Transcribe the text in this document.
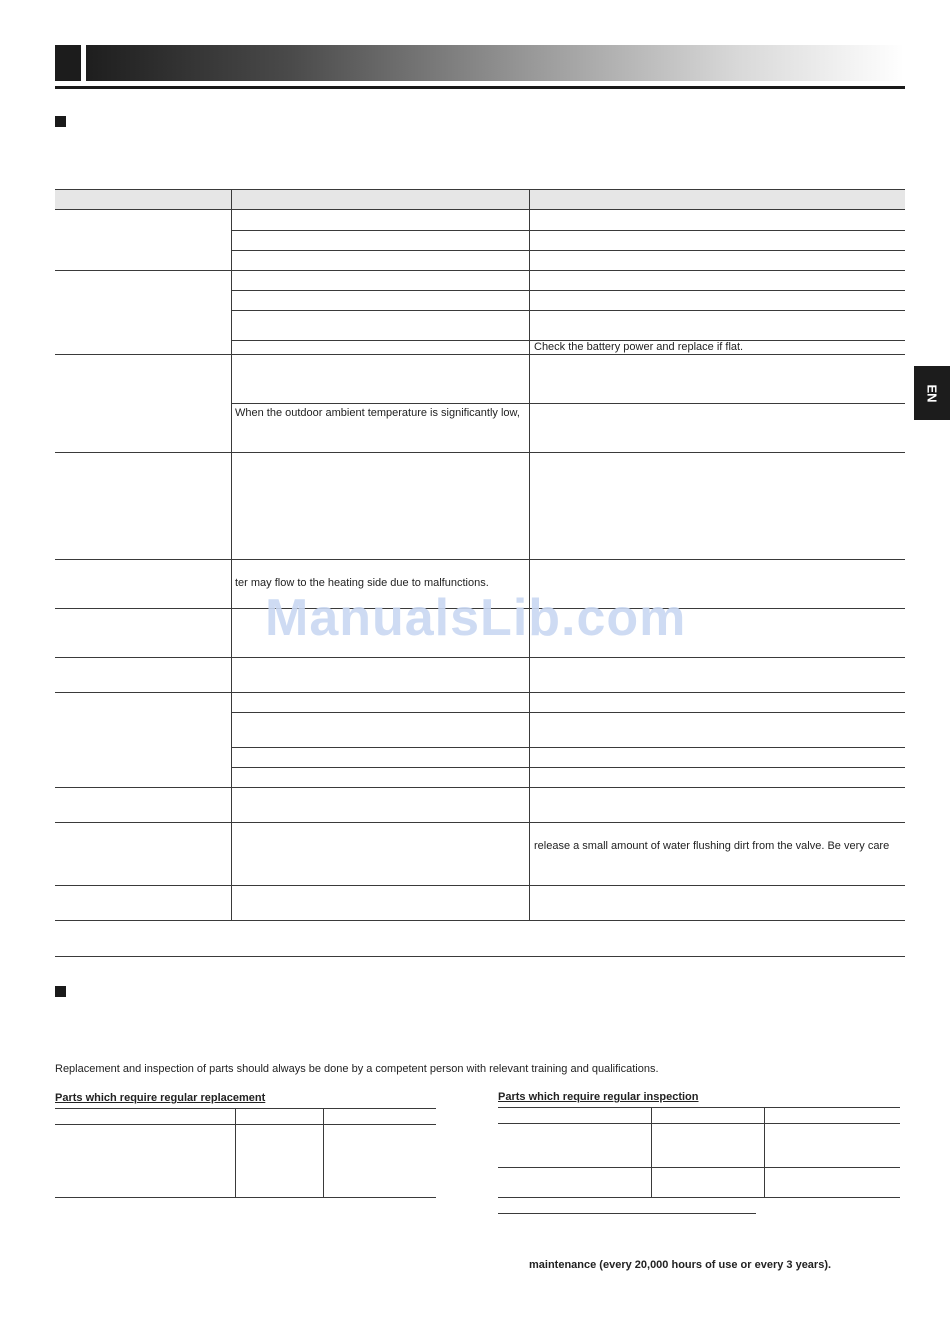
EN
Check the battery power and replace if flat.
When the outdoor ambient temperature is significantly low,
ter may flow to the heating side due to malfunctions.
release a small amount of water flushing dirt from the valve. Be very care
ManualsLib.com
Replacement and inspection of parts should always be done by a competent person with relevant training and qualifications.
Parts which require regular replacement	Parts which require regular inspection
maintenance (every 20,000 hours of use or every 3 years).
